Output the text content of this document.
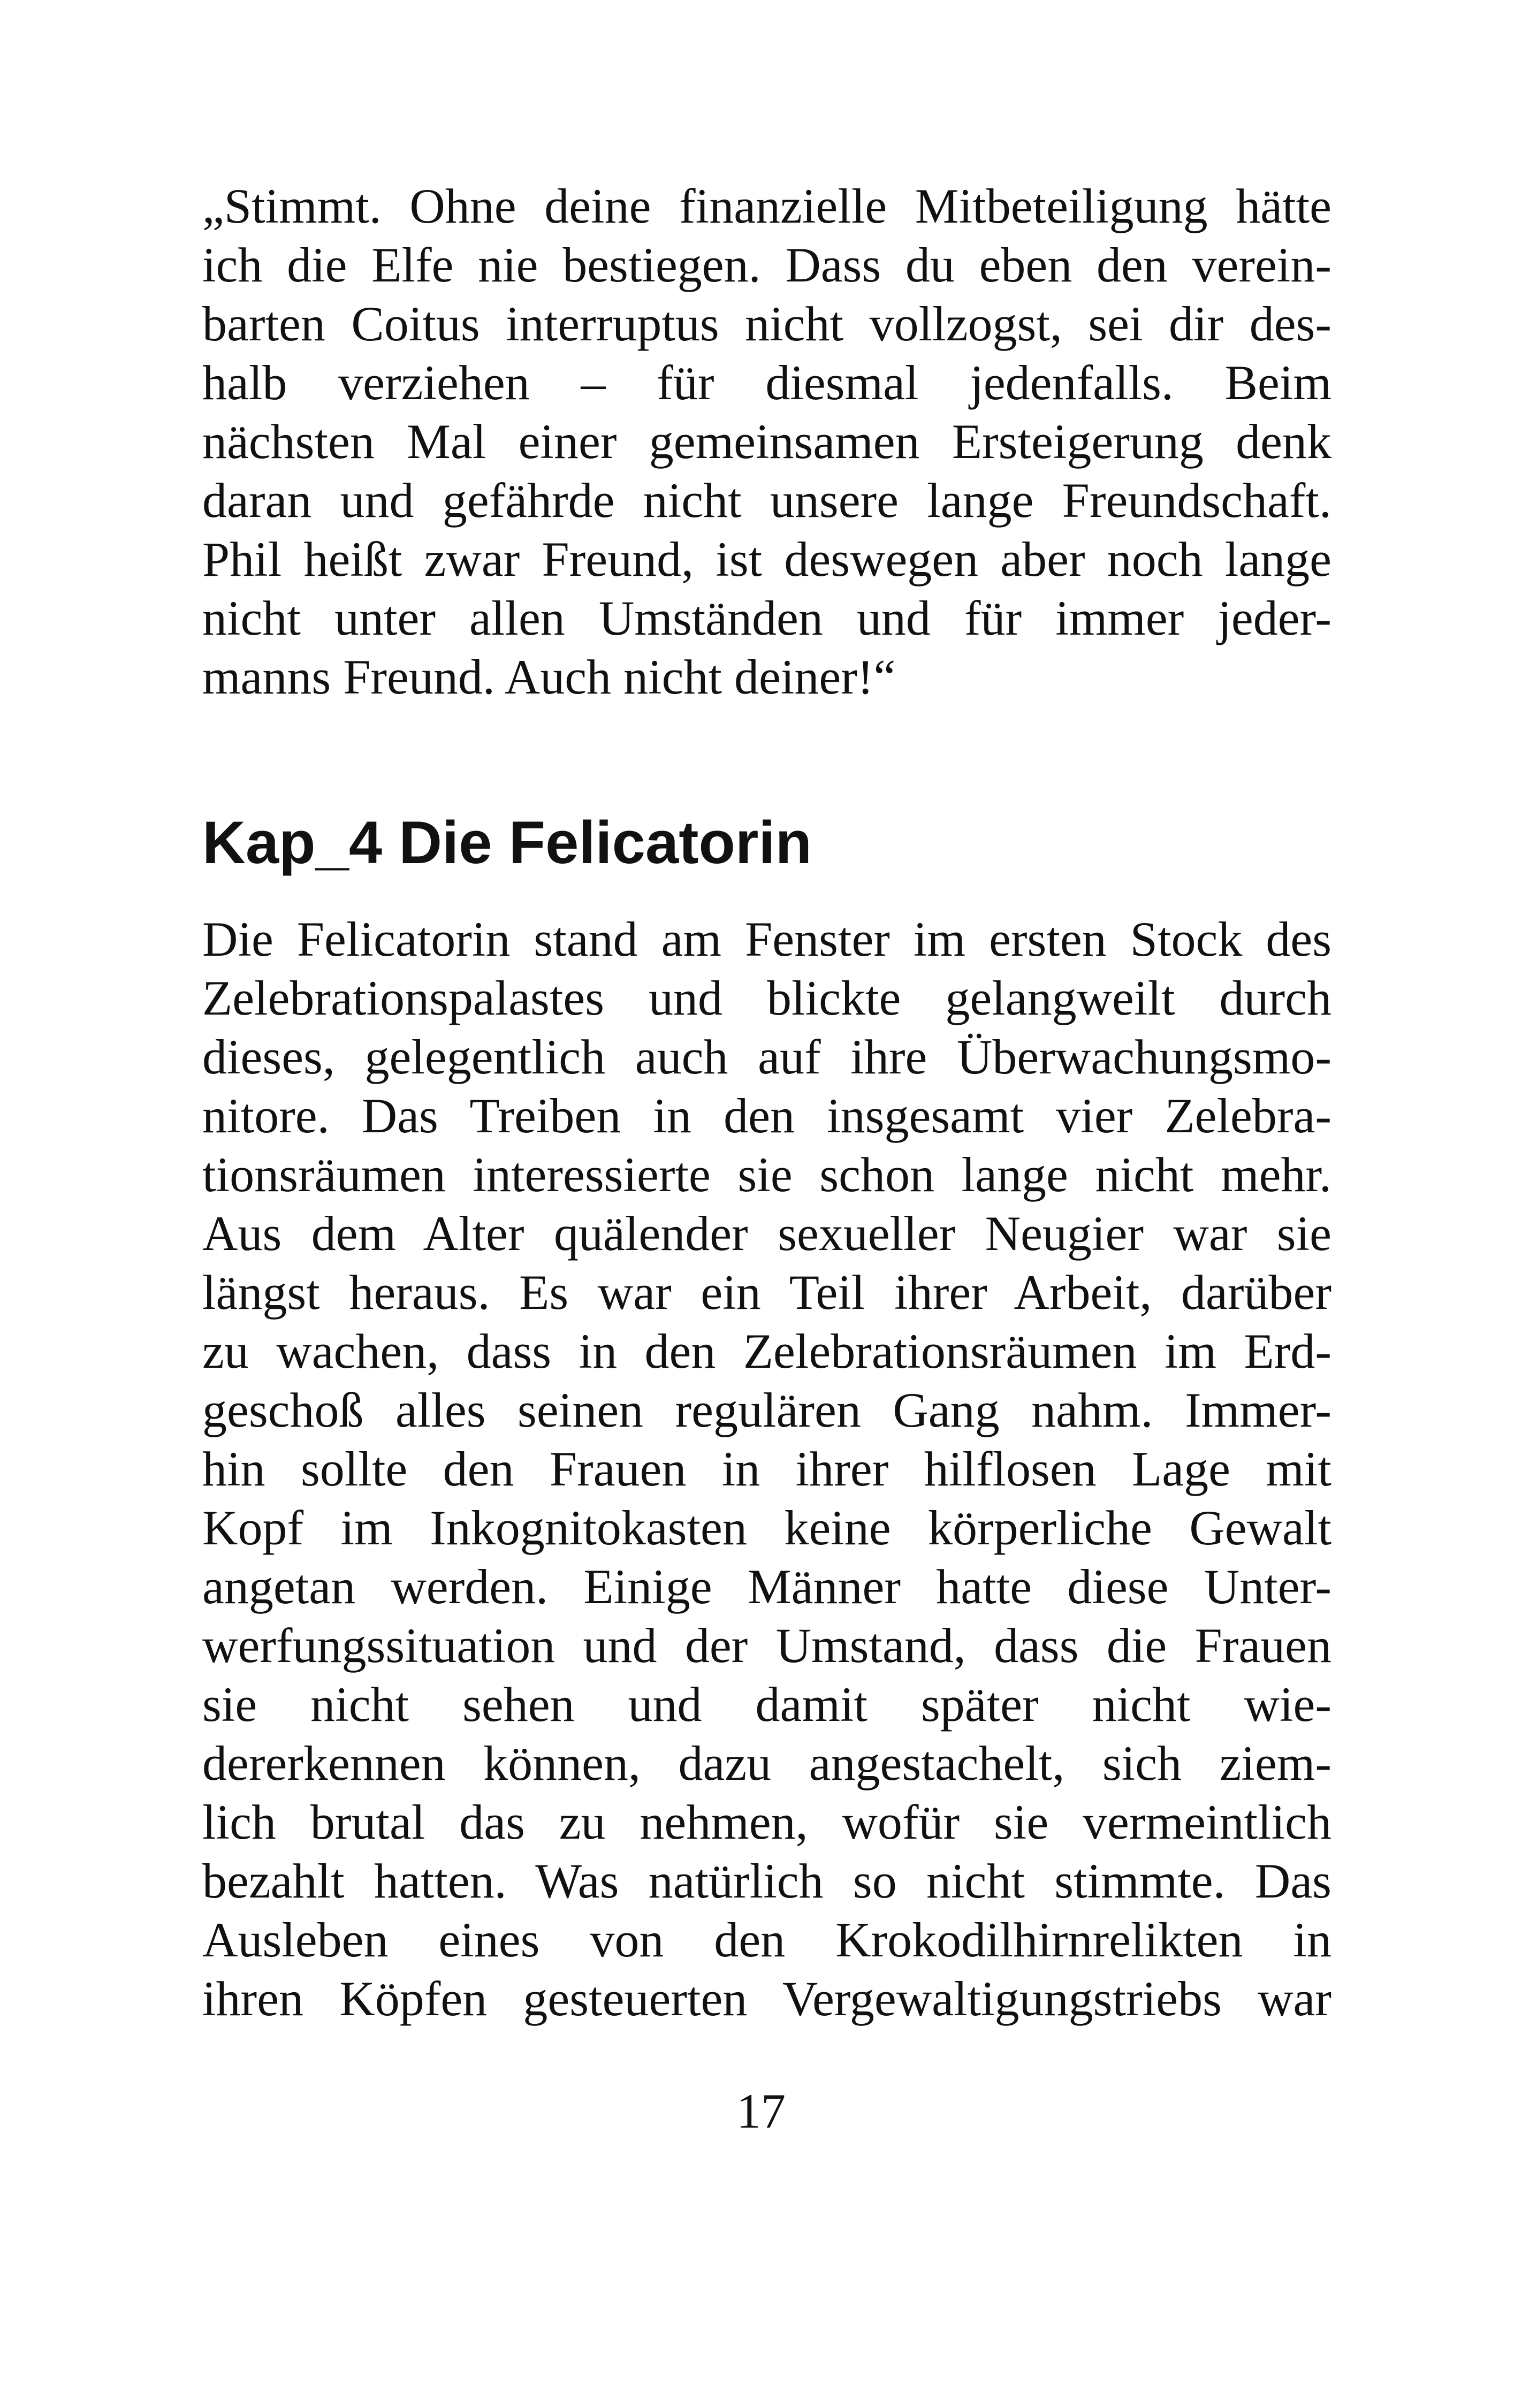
„Stimmt. Ohne deine finanzielle Mitbeteiligung hätte
ich die Elfe nie bestiegen. Dass du eben den verein-
barten Coitus interruptus nicht vollzogst, sei dir des-
halb verziehen – für diesmal jedenfalls. Beim
nächsten Mal einer gemeinsamen Ersteigerung denk
daran und gefährde nicht unsere lange Freundschaft.
Phil heißt zwar Freund, ist deswegen aber noch lange
nicht unter allen Umständen und für immer jeder-
manns Freund. Auch nicht deiner!“
Kap_4 Die Felicatorin
Die Felicatorin stand am Fenster im ersten Stock des
Zelebrationspalastes und blickte gelangweilt durch
dieses, gelegentlich auch auf ihre Überwachungsmo-
nitore. Das Treiben in den insgesamt vier Zelebra-
tionsräumen interessierte sie schon lange nicht mehr.
Aus dem Alter quälender sexueller Neugier war sie
längst heraus. Es war ein Teil ihrer Arbeit, darüber
zu wachen, dass in den Zelebrationsräumen im Erd-
geschoß alles seinen regulären Gang nahm. Immer-
hin sollte den Frauen in ihrer hilflosen Lage mit
Kopf im Inkognitokasten keine körperliche Gewalt
angetan werden. Einige Männer hatte diese Unter-
werfungssituation und der Umstand, dass die Frauen
sie nicht sehen und damit später nicht wie-
dererkennen können, dazu angestachelt, sich ziem-
lich brutal das zu nehmen, wofür sie vermeintlich
bezahlt hatten. Was natürlich so nicht stimmte. Das
Ausleben eines von den Krokodilhirnrelikten in
ihren Köpfen gesteuerten Vergewaltigungstriebs war
17
